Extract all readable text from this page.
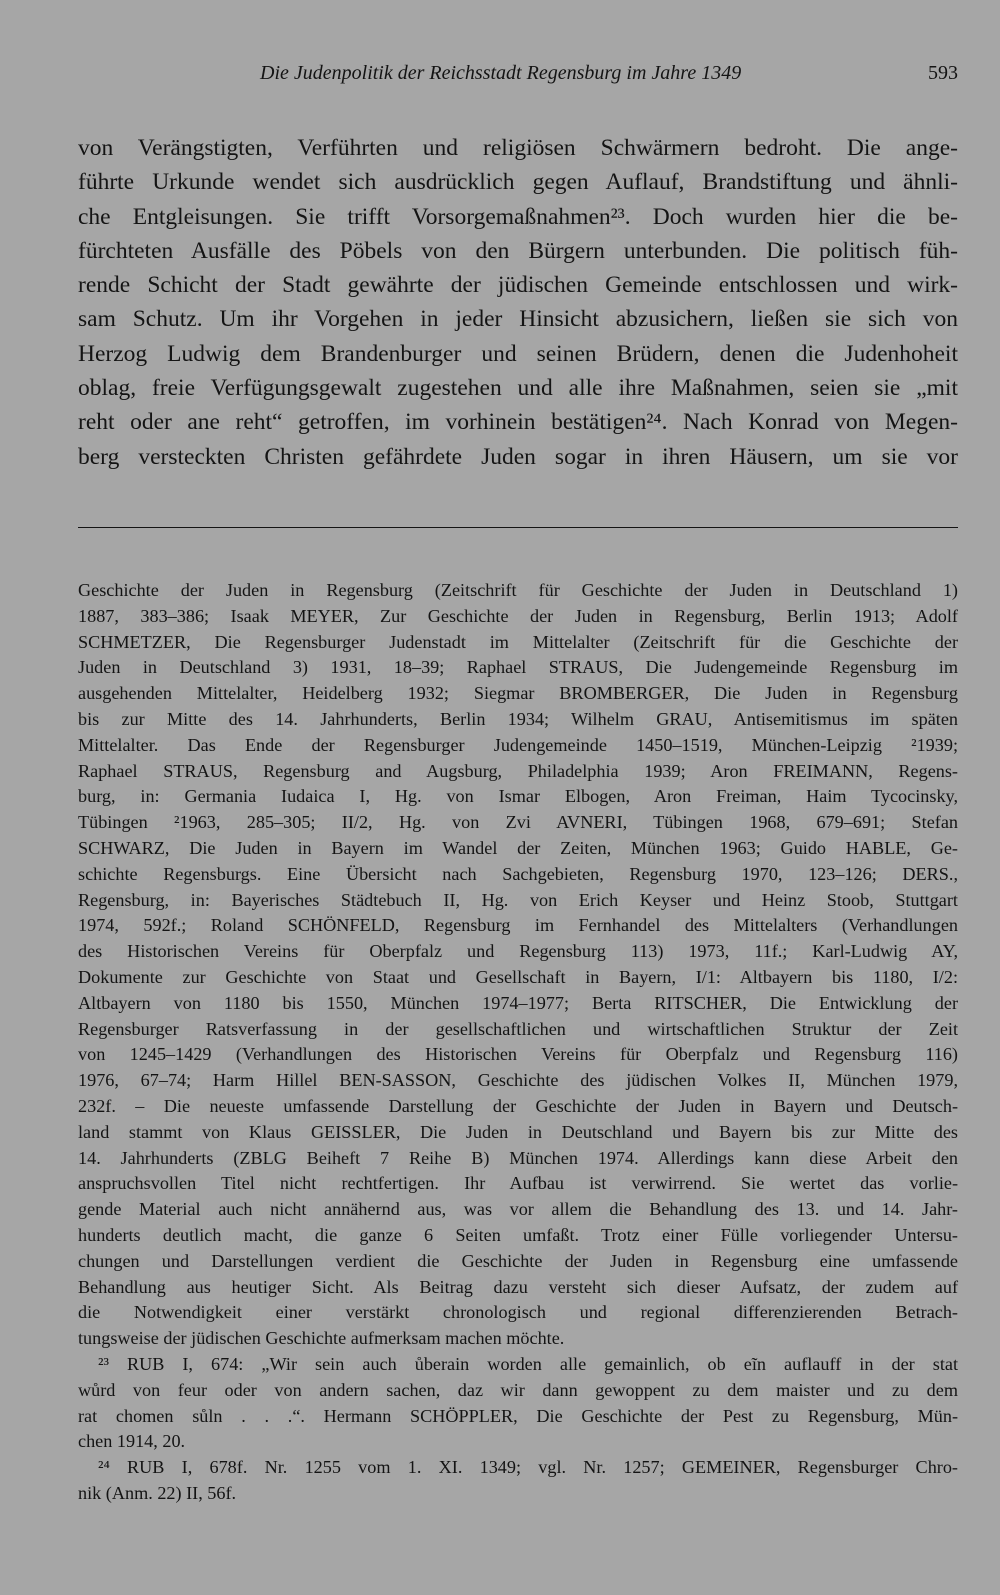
Die Judenpolitik der Reichsstadt Regensburg im Jahre 1349	593
von Verängstigten, Verführten und religiösen Schwärmern bedroht. Die ange-
führte Urkunde wendet sich ausdrücklich gegen Auflauf, Brandstiftung und ähnli-
che Entgleisungen. Sie trifft Vorsorgemaßnahmen²³. Doch wurden hier die be-
fürchteten Ausfälle des Pöbels von den Bürgern unterbunden. Die politisch füh-
rende Schicht der Stadt gewährte der jüdischen Gemeinde entschlossen und wirk-
sam Schutz. Um ihr Vorgehen in jeder Hinsicht abzusichern, ließen sie sich von
Herzog Ludwig dem Brandenburger und seinen Brüdern, denen die Judenhoheit
oblag, freie Verfügungsgewalt zugestehen und alle ihre Maßnahmen, seien sie „mit
reht oder ane reht“ getroffen, im vorhinein bestätigen²⁴. Nach Konrad von Megen-
berg versteckten Christen gefährdete Juden sogar in ihren Häusern, um sie vor
Geschichte der Juden in Regensburg (Zeitschrift für Geschichte der Juden in Deutschland 1)
1887, 383–386; Isaak MEYER, Zur Geschichte der Juden in Regensburg, Berlin 1913; Adolf
SCHMETZER, Die Regensburger Judenstadt im Mittelalter (Zeitschrift für die Geschichte der
Juden in Deutschland 3) 1931, 18–39; Raphael STRAUS, Die Judengemeinde Regensburg im
ausgehenden Mittelalter, Heidelberg 1932; Siegmar BROMBERGER, Die Juden in Regensburg
bis zur Mitte des 14. Jahrhunderts, Berlin 1934; Wilhelm GRAU, Antisemitismus im späten
Mittelalter. Das Ende der Regensburger Judengemeinde 1450–1519, München-Leipzig ²1939;
Raphael STRAUS, Regensburg and Augsburg, Philadelphia 1939; Aron FREIMANN, Regens-
burg, in: Germania Iudaica I, Hg. von Ismar Elbogen, Aron Freiman, Haim Tycocinsky,
Tübingen ²1963, 285–305; II/2, Hg. von Zvi AVNERI, Tübingen 1968, 679–691; Stefan
SCHWARZ, Die Juden in Bayern im Wandel der Zeiten, München 1963; Guido HABLE, Ge-
schichte Regensburgs. Eine Übersicht nach Sachgebieten, Regensburg 1970, 123–126; DERS.,
Regensburg, in: Bayerisches Städtebuch II, Hg. von Erich Keyser und Heinz Stoob, Stuttgart
1974, 592f.; Roland SCHÖNFELD, Regensburg im Fernhandel des Mittelalters (Verhandlungen
des Historischen Vereins für Oberpfalz und Regensburg 113) 1973, 11f.; Karl-Ludwig AY,
Dokumente zur Geschichte von Staat und Gesellschaft in Bayern, I/1: Altbayern bis 1180, I/2:
Altbayern von 1180 bis 1550, München 1974–1977; Berta RITSCHER, Die Entwicklung der
Regensburger Ratsverfassung in der gesellschaftlichen und wirtschaftlichen Struktur der Zeit
von 1245–1429 (Verhandlungen des Historischen Vereins für Oberpfalz und Regensburg 116)
1976, 67–74; Harm Hillel BEN-SASSON, Geschichte des jüdischen Volkes II, München 1979,
232f. – Die neueste umfassende Darstellung der Geschichte der Juden in Bayern und Deutsch-
land stammt von Klaus GEISSLER, Die Juden in Deutschland und Bayern bis zur Mitte des
14. Jahrhunderts (ZBLG Beiheft 7 Reihe B) München 1974. Allerdings kann diese Arbeit den
anspruchsvollen Titel nicht rechtfertigen. Ihr Aufbau ist verwirrend. Sie wertet das vorlie-
gende Material auch nicht annähernd aus, was vor allem die Behandlung des 13. und 14. Jahr-
hunderts deutlich macht, die ganze 6 Seiten umfaßt. Trotz einer Fülle vorliegender Untersu-
chungen und Darstellungen verdient die Geschichte der Juden in Regensburg eine umfassende
Behandlung aus heutiger Sicht. Als Beitrag dazu versteht sich dieser Aufsatz, der zudem auf
die Notwendigkeit einer verstärkt chronologisch und regional differenzierenden Betrach-
tungsweise der jüdischen Geschichte aufmerksam machen möchte.
²³ RUB I, 674: „Wir sein auch ůberain worden alle gemainlich, ob eĩn auflauff in der stat
wůrd von feur oder von andern sachen, daz wir dann gewoppent zu dem maister und zu dem
rat chomen sůln . . .“. Hermann SCHÖPPLER, Die Geschichte der Pest zu Regensburg, Mün-
chen 1914, 20.
²⁴ RUB I, 678f. Nr. 1255 vom 1. XI. 1349; vgl. Nr. 1257; GEMEINER, Regensburger Chro-
nik (Anm. 22) II, 56f.
